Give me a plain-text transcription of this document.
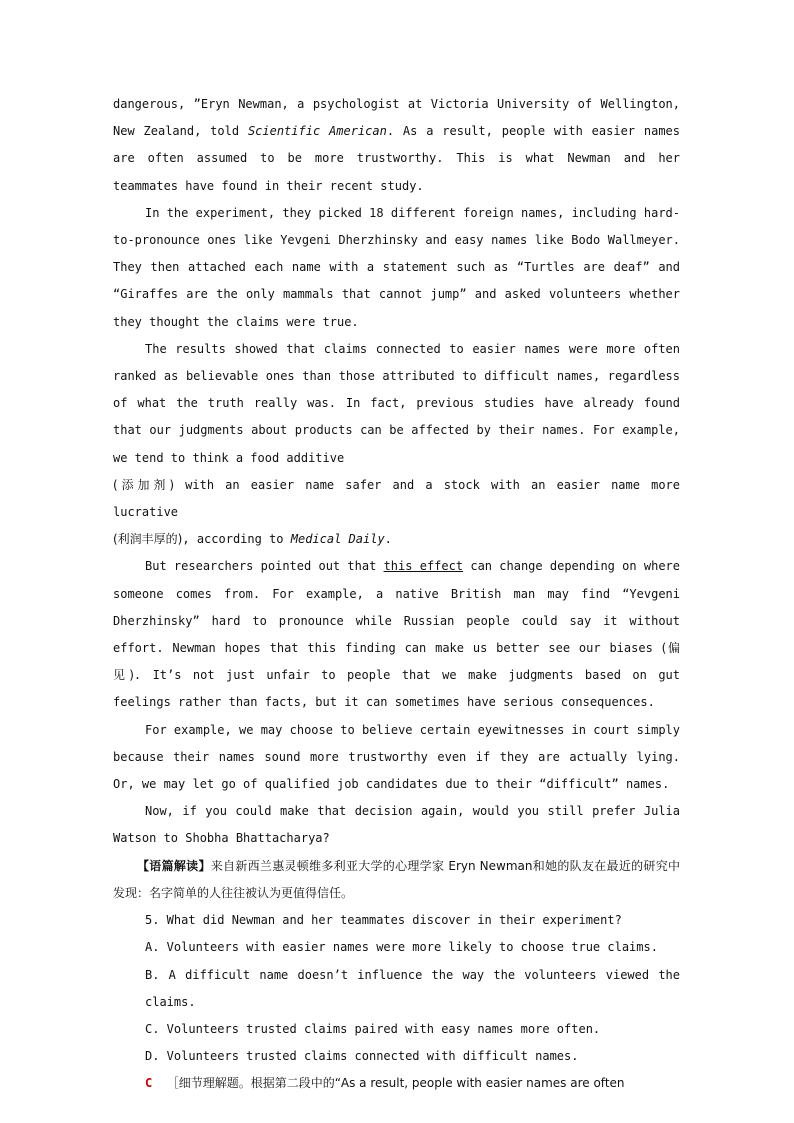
dangerous, ”Eryn Newman, a psychologist at Victoria University of Wellington, New Zealand, told Scientific American. As a result, people with easier names are often assumed to be more trustworthy. This is what Newman and her teammates have found in their recent study.

In the experiment, they picked 18 different foreign names, including hard-to-pronounce ones like Yevgeni Dherzhinsky and easy names like Bodo Wallmeyer. They then attached each name with a statement such as “Turtles are deaf” and “Giraffes are the only mammals that cannot jump” and asked volunteers whether they thought the claims were true.

The results showed that claims connected to easier names were more often ranked as believable ones than those attributed to difficult names, regardless of what the truth really was. In fact, previous studies have already found that our judgments about products can be affected by their names. For example, we tend to think a food additive
(添加剂) with an easier name safer and a stock with an easier name more lucrative
(利润丰厚的), according to Medical Daily.

But researchers pointed out that this effect can change depending on where someone comes from. For example, a native British man may find “Yevgeni Dherzhinsky” hard to pronounce while Russian people could say it without effort. Newman hopes that this finding can make us better see our biases (偏见). It’s not just unfair to people that we make judgments based on gut feelings rather than facts, but it can sometimes have serious consequences.

For example, we may choose to believe certain eyewitnesses in court simply because their names sound more trustworthy even if they are actually lying. Or, we may let go of qualified job candidates due to their “difficult” names.

Now, if you could make that decision again, would you still prefer Julia Watson to Shobha Bhattacharya?

【语篇解读】来自新西兰惠灵顿维多利亚大学的心理学家 Eryn Newman和她的队友在最近的研究中发现：名字简单的人往往被认为更值得信任。

5. What did Newman and her teammates discover in their experiment?

A. Volunteers with easier names were more likely to choose true claims.

B. A difficult name doesn’t influence the way the volunteers viewed the claims.

C. Volunteers trusted claims paired with easy names more often.

D. Volunteers trusted claims connected with difficult names.

C ［细节理解题。根据第二段中的“As a result, people with easier names are often
